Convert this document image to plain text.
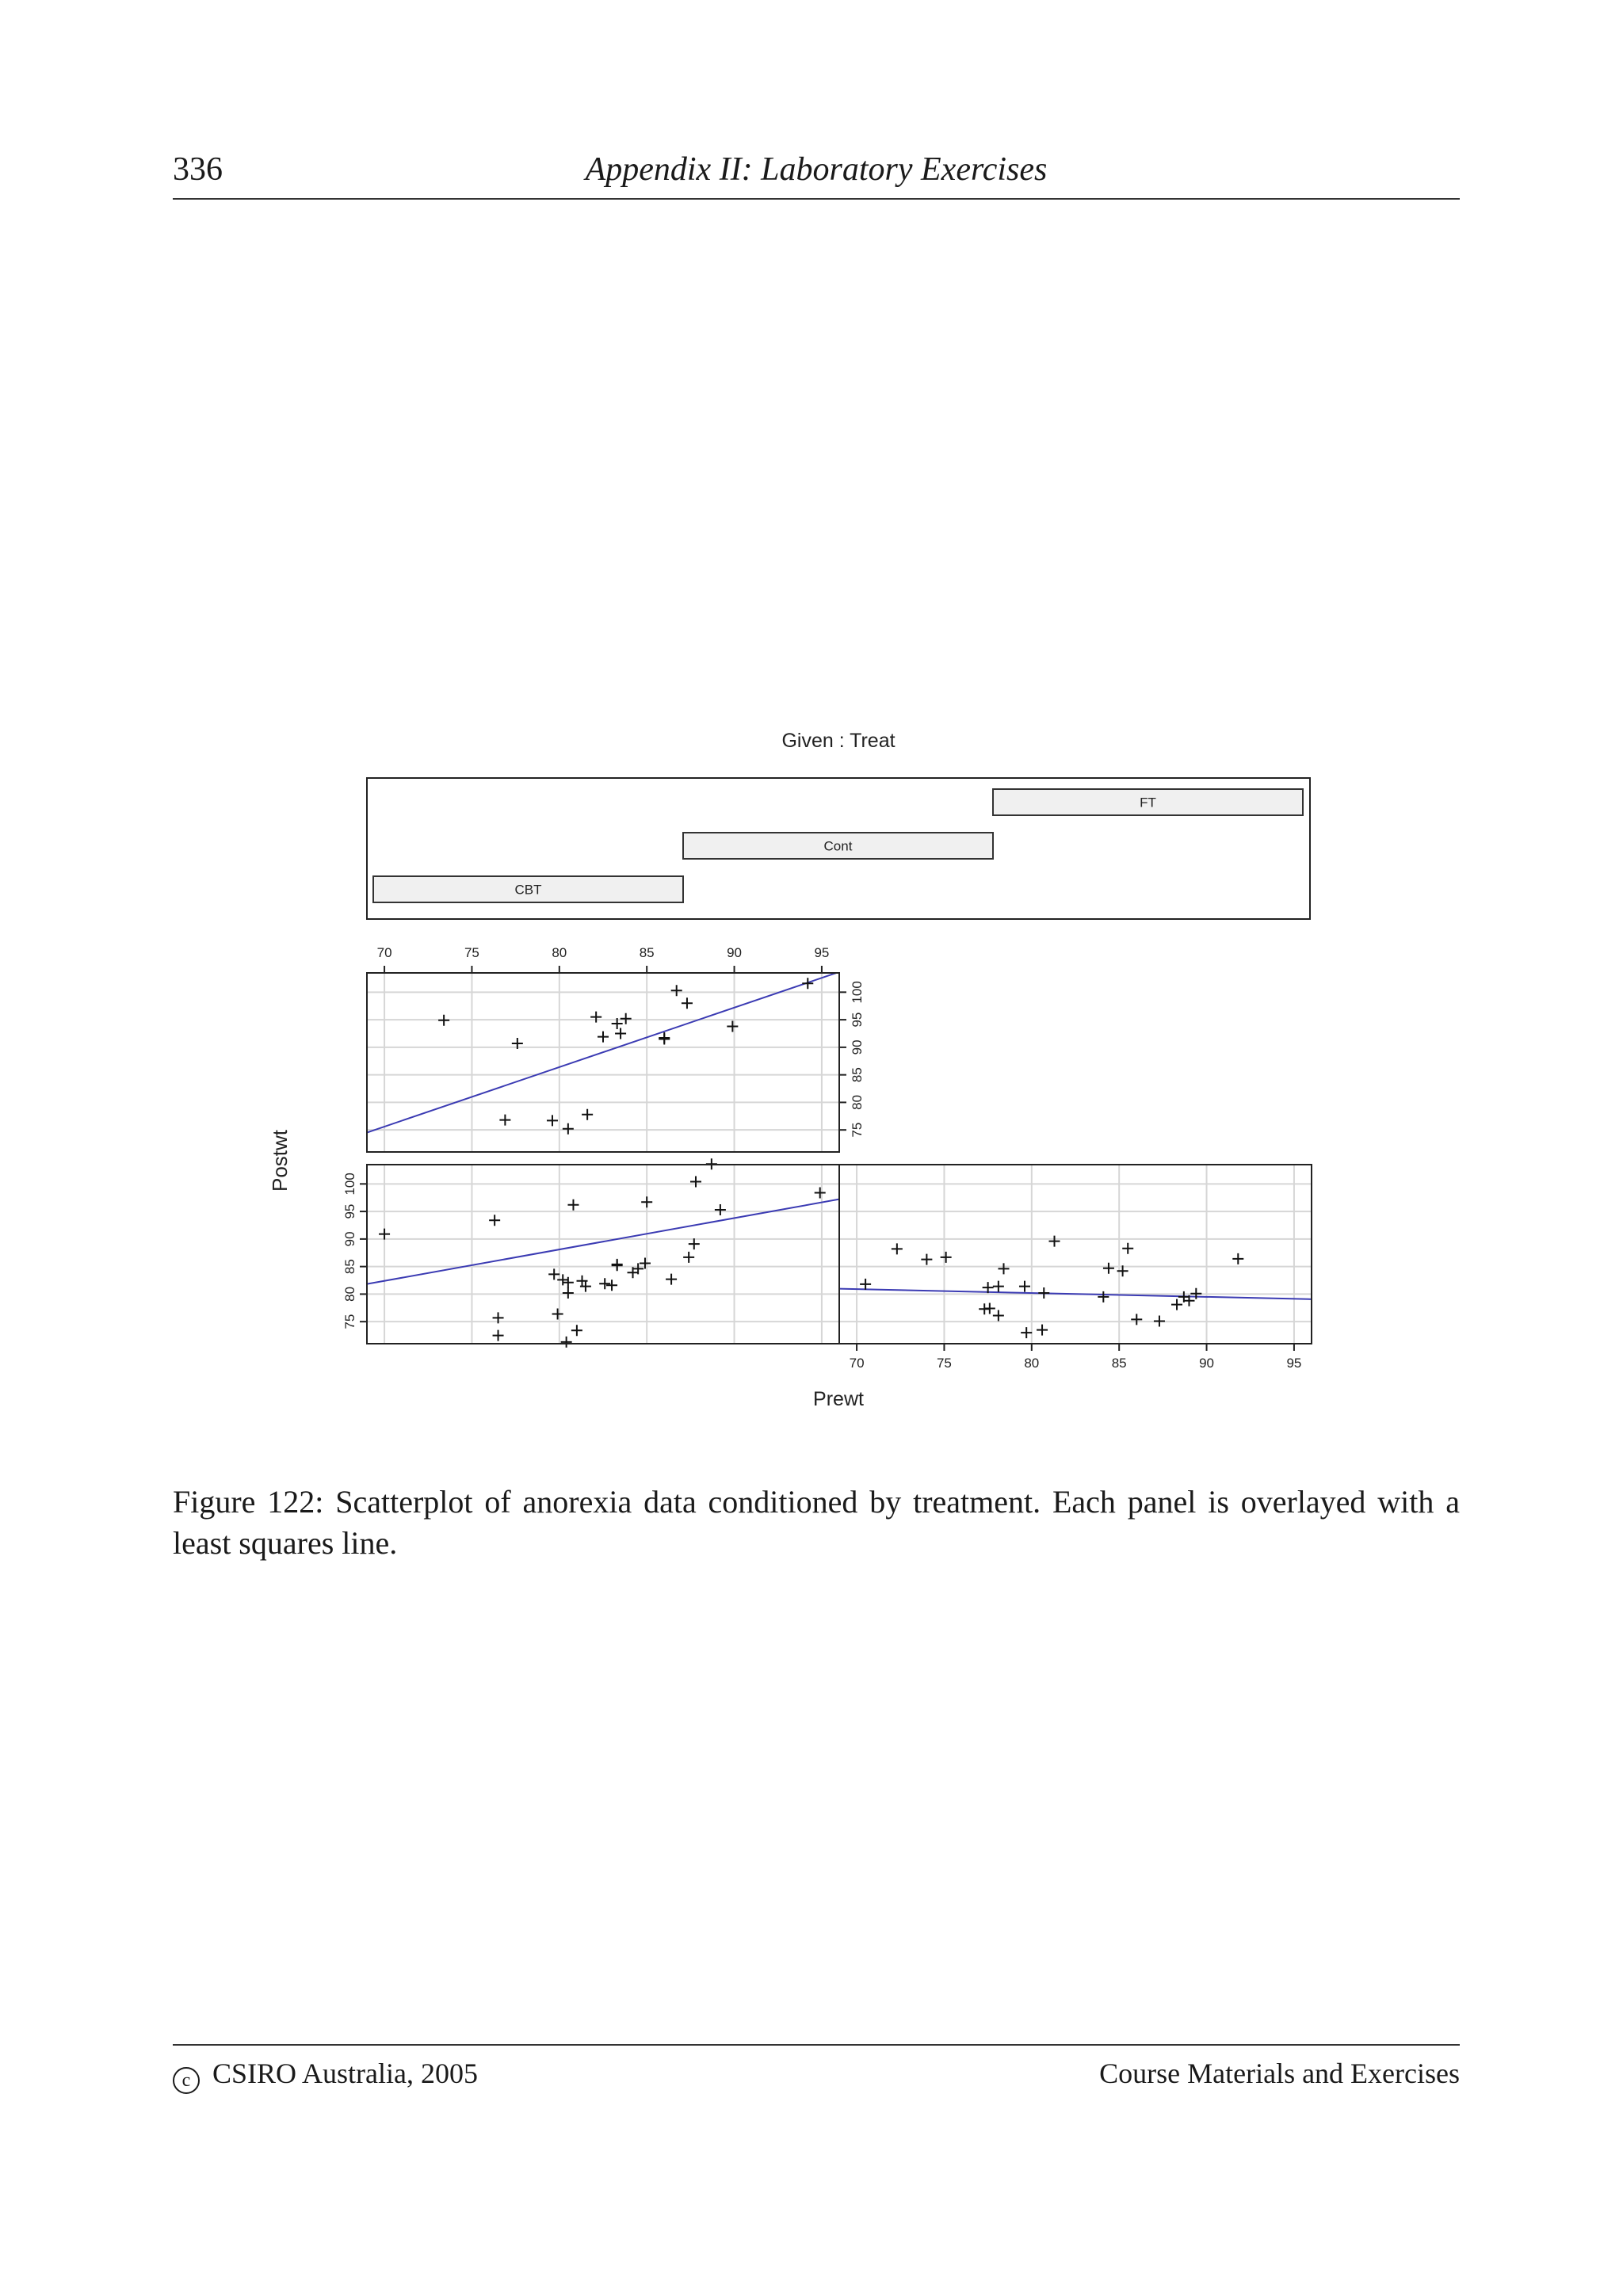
336	Appendix II: Laboratory Exercises
Given : Treat
CBT
Cont
FT
70	75	80	85	90	95
75
80
85
90
95
100
70	75	80	85	90	95
75
80
85
90
95
100
Postwt
Prewt

Figure 122: Scatterplot of anorexia data conditioned by treatment. Each panel is overlayed with a least squares line.

c CSIRO Australia, 2005	Course Materials and Exercises
